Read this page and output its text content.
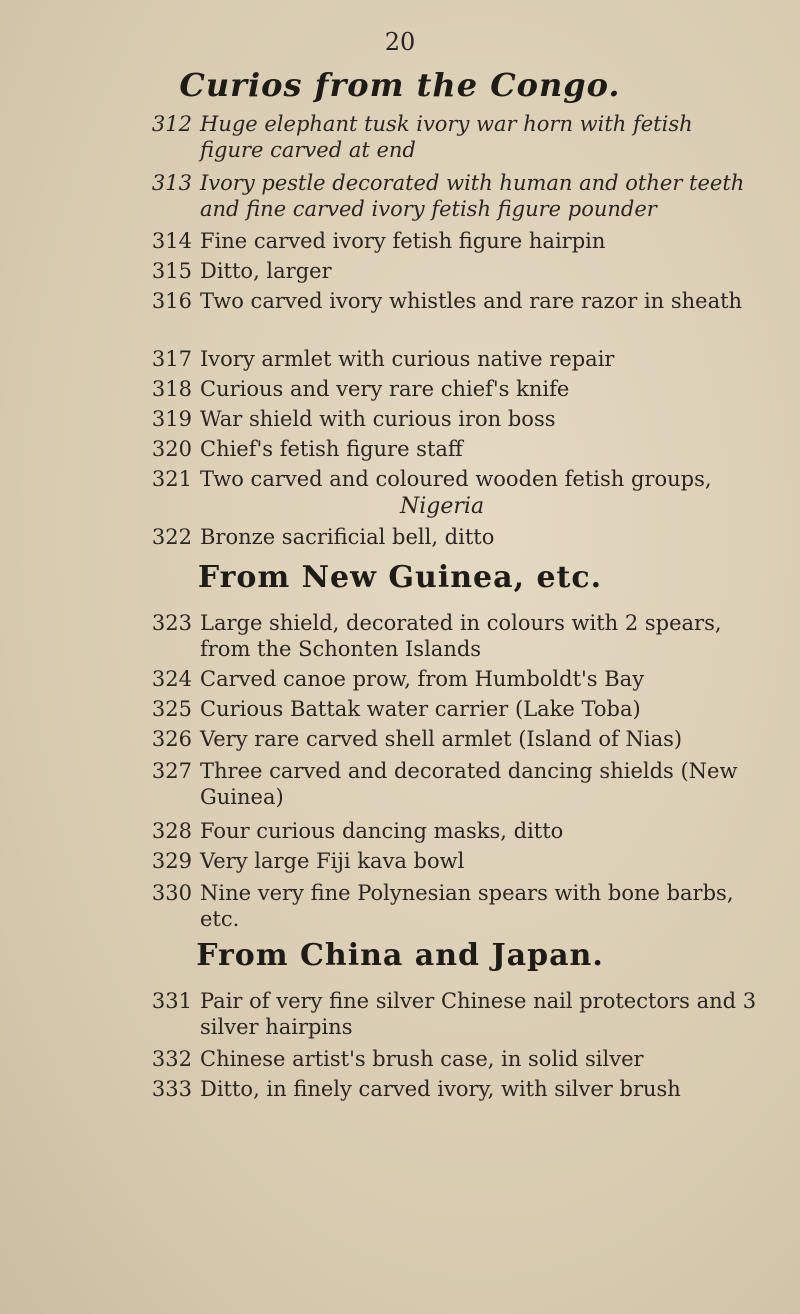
20
Curios from the Congo.
312 Huge elephant tusk ivory war horn with fetish figure carved at end
313 Ivory pestle decorated with human and other teeth and fine carved ivory fetish figure pounder
314 Fine carved ivory fetish figure hairpin
315 Ditto, larger
316 Two carved ivory whistles and rare razor in sheath
317 Ivory armlet with curious native repair
318 Curious and very rare chief's knife
319 War shield with curious iron boss
320 Chief's fetish figure staff
321 Two carved and coloured wooden fetish groups,
Nigeria
322 Bronze sacrificial bell, ditto
From New Guinea, etc.
323 Large shield, decorated in colours with 2 spears, from the Schonten Islands
324 Carved canoe prow, from Humboldt's Bay
325 Curious Battak water carrier (Lake Toba)
326 Very rare carved shell armlet (Island of Nias)
327 Three carved and decorated dancing shields (New Guinea)
328 Four curious dancing masks, ditto
329 Very large Fiji kava bowl
330 Nine very fine Polynesian spears with bone barbs, etc.
From China and Japan.
331 Pair of very fine silver Chinese nail protectors and 3 silver hairpins
332 Chinese artist's brush case, in solid silver
333 Ditto, in finely carved ivory, with silver brush
